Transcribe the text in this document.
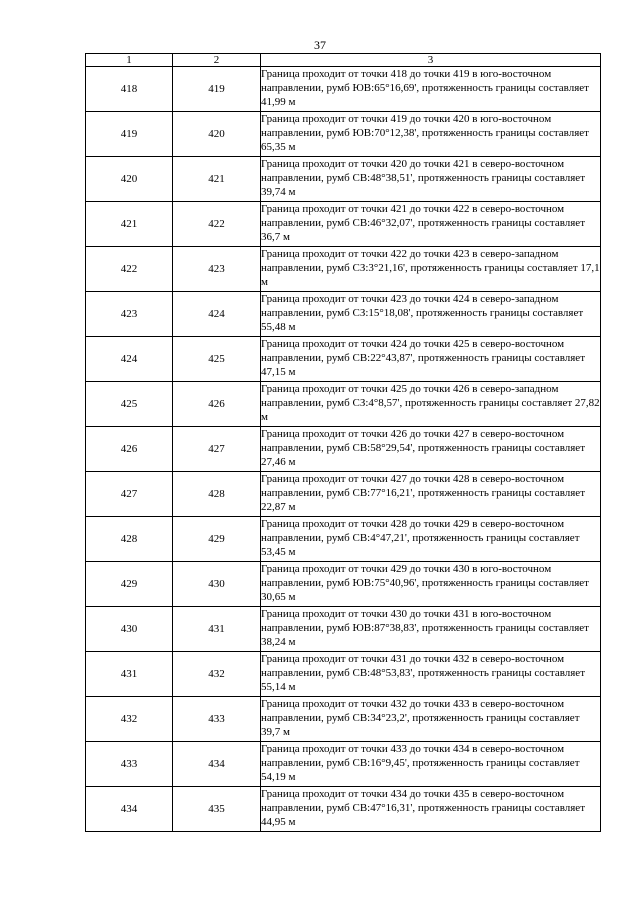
37
1	2	3
418	419	Граница проходит от точки 418 до точки 419 в юго-восточном направлении, румб ЮВ:65°16,69', протяженность границы составляет 41,99 м
419	420	Граница проходит от точки 419 до точки 420 в юго-восточном направлении, румб ЮВ:70°12,38', протяженность границы составляет 65,35 м
420	421	Граница проходит от точки 420 до точки 421 в северо-восточном направлении, румб СВ:48°38,51', протяженность границы составляет 39,74 м
421	422	Граница проходит от точки 421 до точки 422 в северо-восточном направлении, румб СВ:46°32,07', протяженность границы составляет 36,7 м
422	423	Граница проходит от точки 422 до точки 423 в северо-западном направлении, румб СЗ:3°21,16', протяженность границы составляет 17,1 м
423	424	Граница проходит от точки 423 до точки 424 в северо-западном направлении, румб СЗ:15°18,08', протяженность границы составляет 55,48 м
424	425	Граница проходит от точки 424 до точки 425 в северо-восточном направлении, румб СВ:22°43,87', протяженность границы составляет 47,15 м
425	426	Граница проходит от точки 425 до точки 426 в северо-западном направлении, румб СЗ:4°8,57', протяженность границы составляет 27,82 м
426	427	Граница проходит от точки 426 до точки 427 в северо-восточном направлении, румб СВ:58°29,54', протяженность границы составляет 27,46 м
427	428	Граница проходит от точки 427 до точки 428 в северо-восточном направлении, румб СВ:77°16,21', протяженность границы составляет 22,87 м
428	429	Граница проходит от точки 428 до точки 429 в северо-восточном направлении, румб СВ:4°47,21', протяженность границы составляет 53,45 м
429	430	Граница проходит от точки 429 до точки 430 в юго-восточном направлении, румб ЮВ:75°40,96', протяженность границы составляет 30,65 м
430	431	Граница проходит от точки 430 до точки 431 в юго-восточном направлении, румб ЮВ:87°38,83', протяженность границы составляет 38,24 м
431	432	Граница проходит от точки 431 до точки 432 в северо-восточном направлении, румб СВ:48°53,83', протяженность границы составляет 55,14 м
432	433	Граница проходит от точки 432 до точки 433 в северо-восточном направлении, румб СВ:34°23,2', протяженность границы составляет 39,7 м
433	434	Граница проходит от точки 433 до точки 434 в северо-восточном направлении, румб СВ:16°9,45', протяженность границы составляет 54,19 м
434	435	Граница проходит от точки 434 до точки 435 в северо-восточном направлении, румб СВ:47°16,31', протяженность границы составляет 44,95 м
